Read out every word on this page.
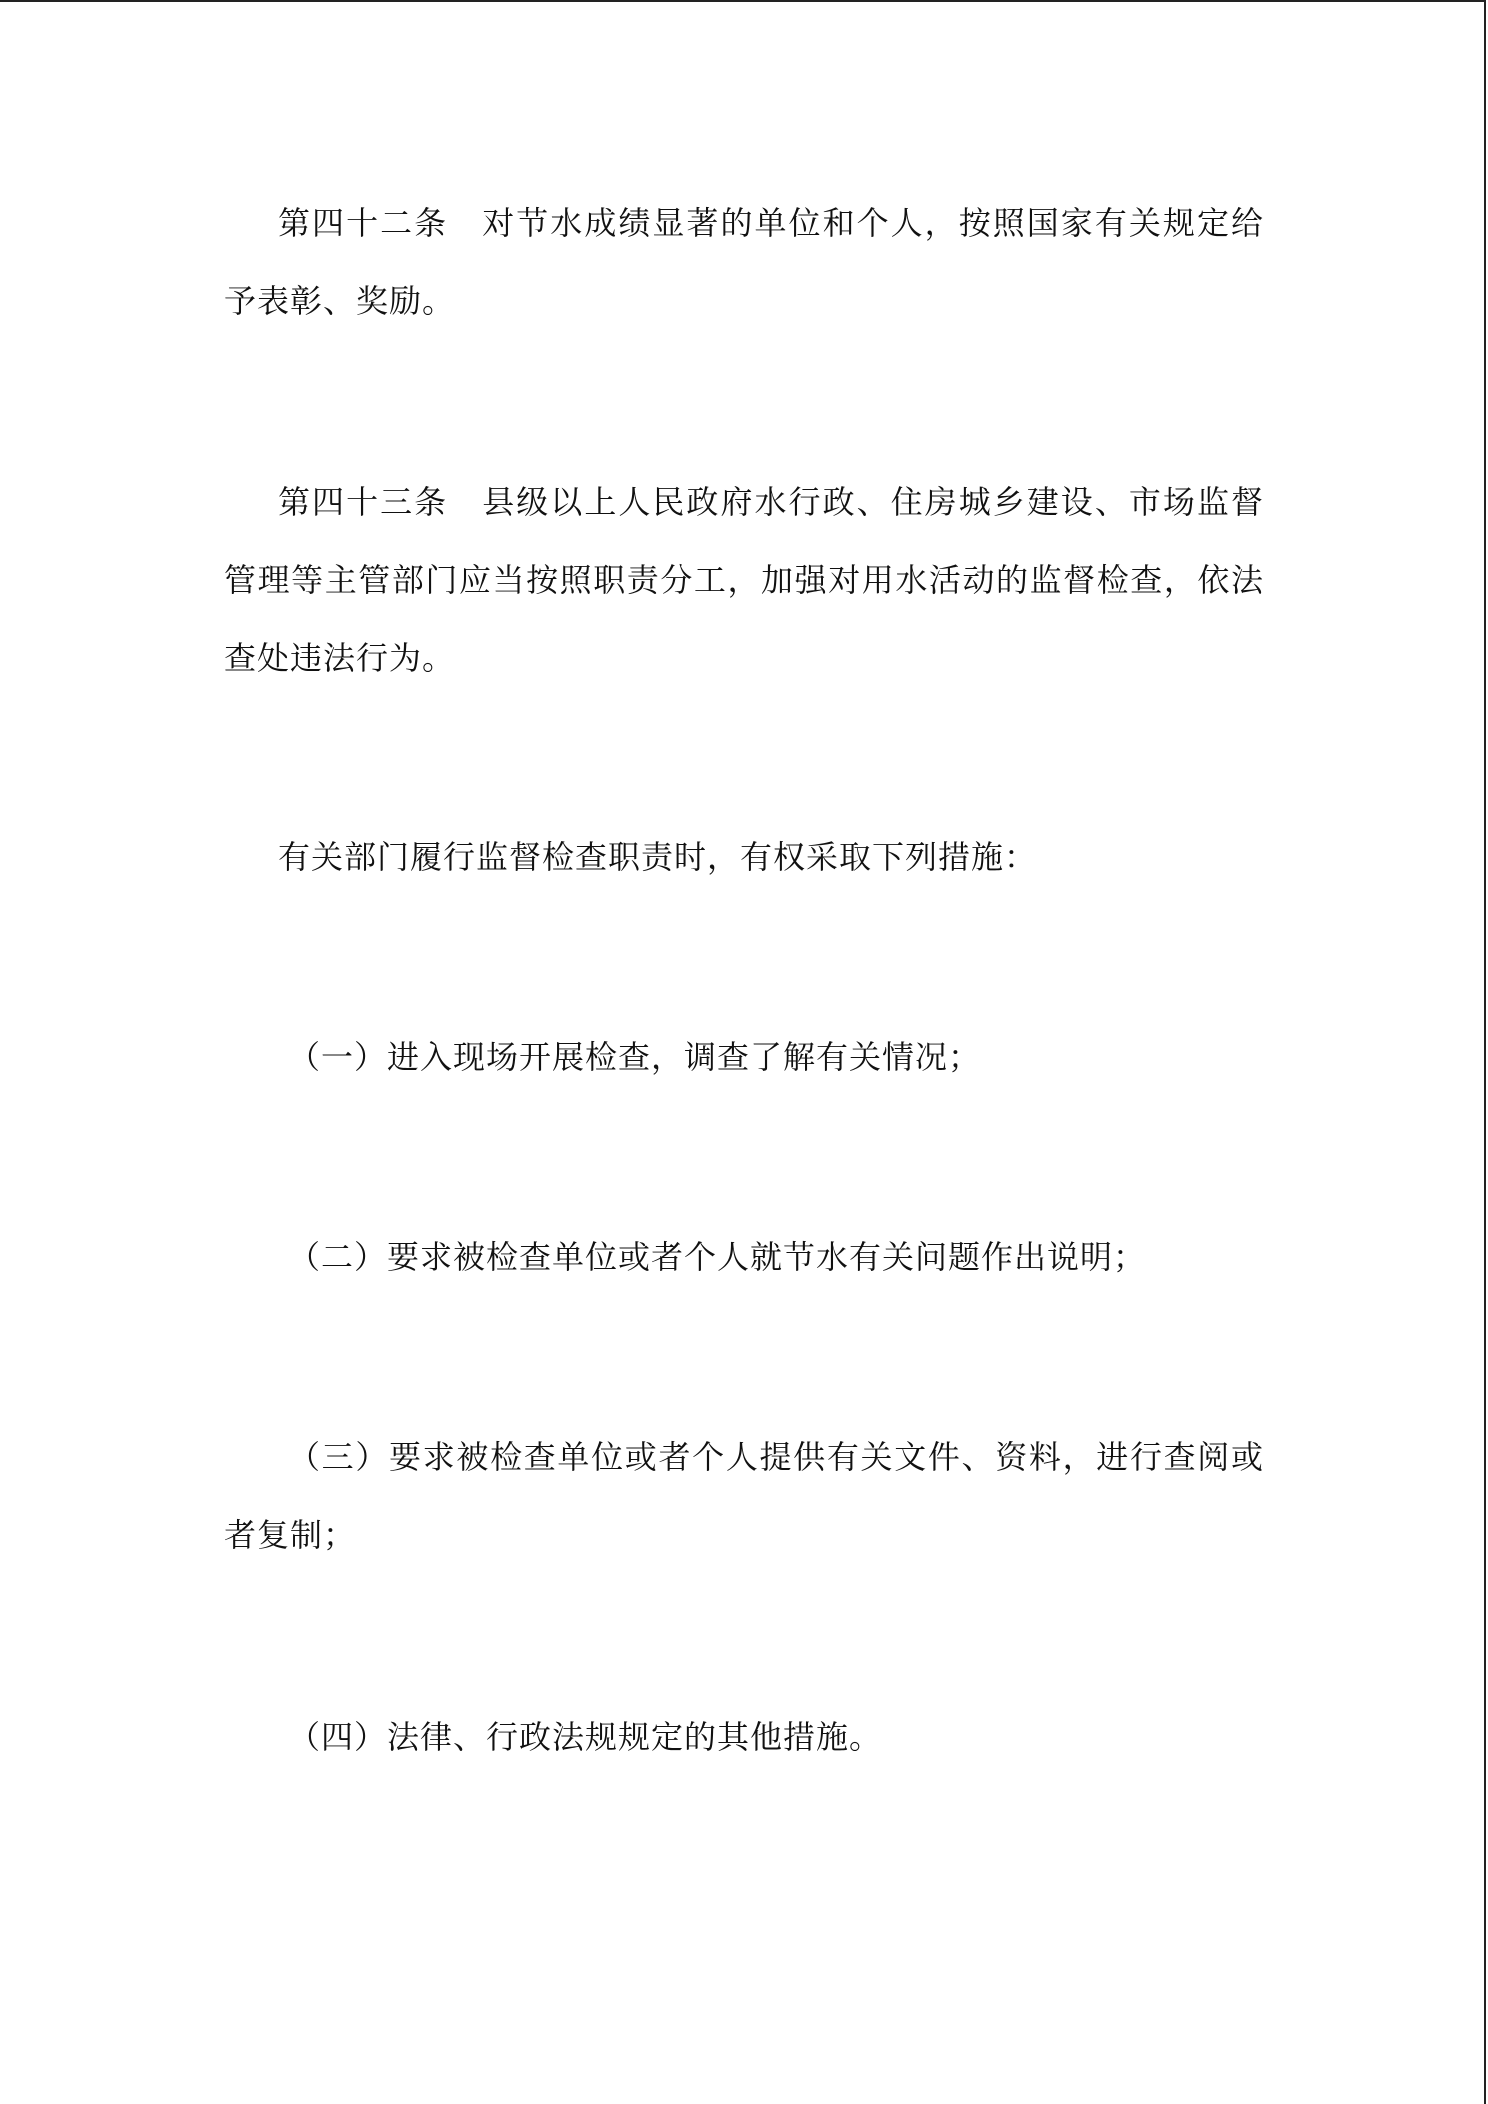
第四十二条　对节水成绩显著的单位和个人，按照国家有关规定给予表彰、奖励。

第四十三条　县级以上人民政府水行政、住房城乡建设、市场监督管理等主管部门应当按照职责分工，加强对用水活动的监督检查，依法查处违法行为。

有关部门履行监督检查职责时，有权采取下列措施：

（一）进入现场开展检查，调查了解有关情况；

（二）要求被检查单位或者个人就节水有关问题作出说明；

（三）要求被检查单位或者个人提供有关文件、资料，进行查阅或者复制；

（四）法律、行政法规规定的其他措施。
